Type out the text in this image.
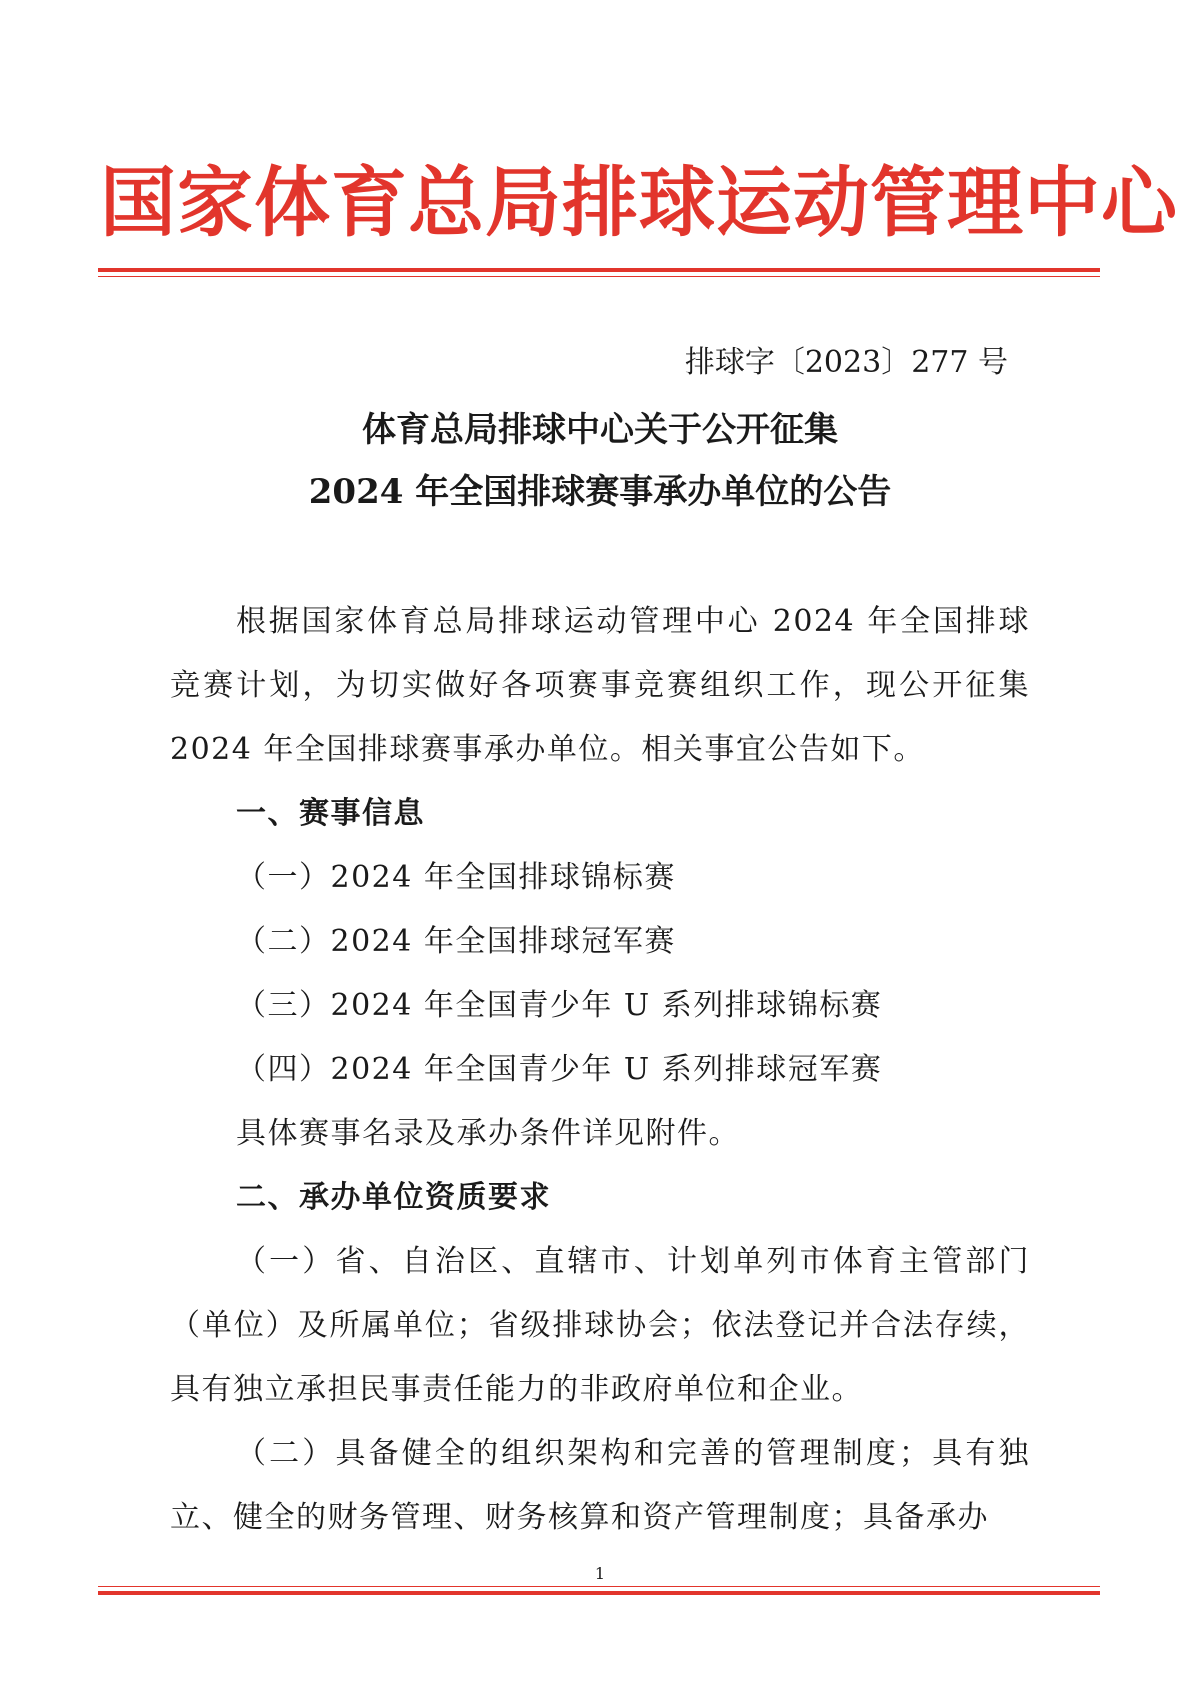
国家体育总局排球运动管理中心
排球字〔2023〕277 号
体育总局排球中心关于公开征集
2024 年全国排球赛事承办单位的公告

根据国家体育总局排球运动管理中心 2024 年全国排球竞赛计划，为切实做好各项赛事竞赛组织工作，现公开征集 2024 年全国排球赛事承办单位。相关事宜公告如下。

一、赛事信息

（一）2024 年全国排球锦标赛

（二）2024 年全国排球冠军赛

（三）2024 年全国青少年 U 系列排球锦标赛

（四）2024 年全国青少年 U 系列排球冠军赛

具体赛事名录及承办条件详见附件。

二、承办单位资质要求

（一）省、自治区、直辖市、计划单列市体育主管部门（单位）及所属单位；省级排球协会；依法登记并合法存续，具有独立承担民事责任能力的非政府单位和企业。

（二）具备健全的组织架构和完善的管理制度；具有独立、健全的财务管理、财务核算和资产管理制度；具备承办

1
